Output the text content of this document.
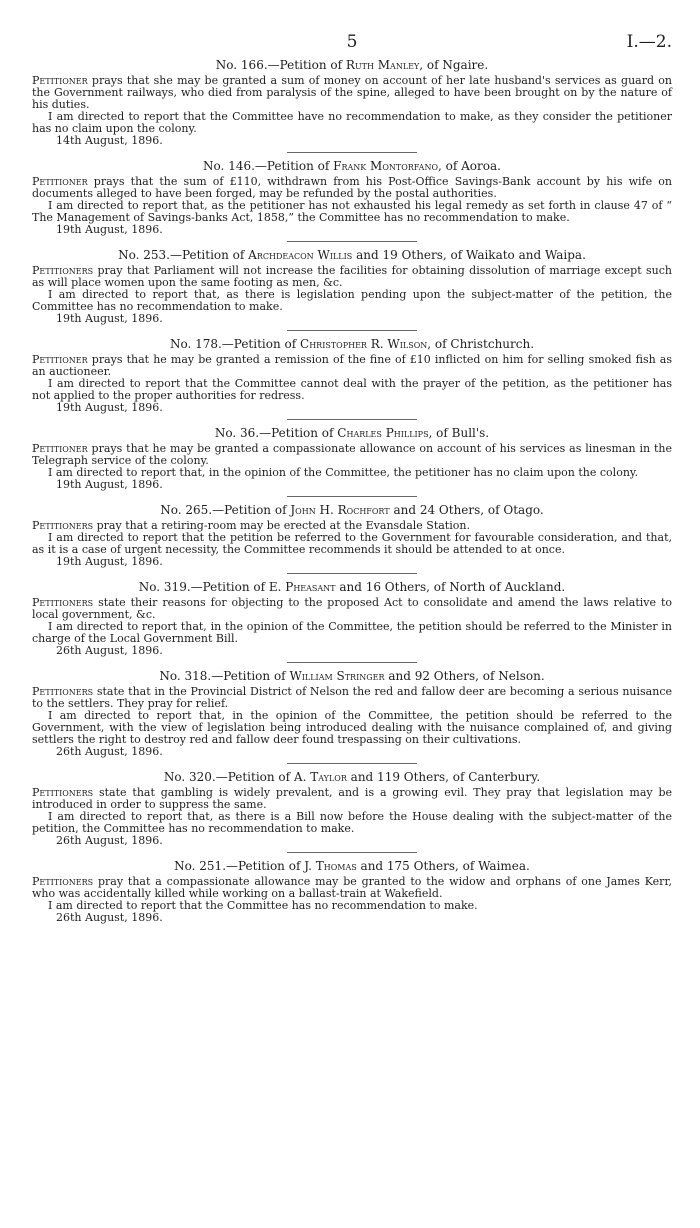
5	I.—2.
No. 166.—Petition of Ruth Manley, of Ngaire.

Petitioner prays that she may be granted a sum of money on account of her late husband's services as guard on the Government railways, who died from paralysis of the spine, alleged to have been brought on by the nature of his duties.

I am directed to report that the Committee have no recommendation to make, as they consider the petitioner has no claim upon the colony.

14th August, 1896.
No. 146.—Petition of Frank Montorfano, of Aoroa.

Petitioner prays that the sum of £110, withdrawn from his Post-Office Savings-Bank account by his wife on documents alleged to have been forged, may be refunded by the postal authorities.

I am directed to report that, as the petitioner has not exhausted his legal remedy as set forth in clause 47 of “ The Management of Savings-banks Act, 1858,” the Committee has no recommendation to make.

19th August, 1896.
No. 253.—Petition of Archdeacon Willis and 19 Others, of Waikato and Waipa.

Petitioners pray that Parliament will not increase the facilities for obtaining dissolution of marriage except such as will place women upon the same footing as men, &c.

I am directed to report that, as there is legislation pending upon the subject-matter of the petition, the Committee has no recommendation to make.

19th August, 1896.
No. 178.—Petition of Christopher R. Wilson, of Christchurch.

Petitioner prays that he may be granted a remission of the fine of £10 inflicted on him for selling smoked fish as an auctioneer.

I am directed to report that the Committee cannot deal with the prayer of the petition, as the petitioner has not applied to the proper authorities for redress.

19th August, 1896.
No. 36.—Petition of Charles Phillips, of Bull's.

Petitioner prays that he may be granted a compassionate allowance on account of his services as linesman in the Telegraph service of the colony.

I am directed to report that, in the opinion of the Committee, the petitioner has no claim upon the colony.

19th August, 1896.
No. 265.—Petition of John H. Rochfort and 24 Others, of Otago.

Petitioners pray that a retiring-room may be erected at the Evansdale Station.

I am directed to report that the petition be referred to the Government for favourable consideration, and that, as it is a case of urgent necessity, the Committee recommends it should be attended to at once.

19th August, 1896.
No. 319.—Petition of E. Pheasant and 16 Others, of North of Auckland.

Petitioners state their reasons for objecting to the proposed Act to consolidate and amend the laws relative to local government, &c.

I am directed to report that, in the opinion of the Committee, the petition should be referred to the Minister in charge of the Local Government Bill.

26th August, 1896.
No. 318.—Petition of William Stringer and 92 Others, of Nelson.

Petitioners state that in the Provincial District of Nelson the red and fallow deer are becoming a serious nuisance to the settlers. They pray for relief.

I am directed to report that, in the opinion of the Committee, the petition should be referred to the Government, with the view of legislation being introduced dealing with the nuisance complained of, and giving settlers the right to destroy red and fallow deer found trespassing on their cultivations.

26th August, 1896.
No. 320.—Petition of A. Taylor and 119 Others, of Canterbury.

Petitioners state that gambling is widely prevalent, and is a growing evil. They pray that legislation may be introduced in order to suppress the same.

I am directed to report that, as there is a Bill now before the House dealing with the subject-matter of the petition, the Committee has no recommendation to make.

26th August, 1896.
No. 251.—Petition of J. Thomas and 175 Others, of Waimea.

Petitioners pray that a compassionate allowance may be granted to the widow and orphans of one James Kerr, who was accidentally killed while working on a ballast-train at Wakefield.

I am directed to report that the Committee has no recommendation to make.

26th August, 1896.
